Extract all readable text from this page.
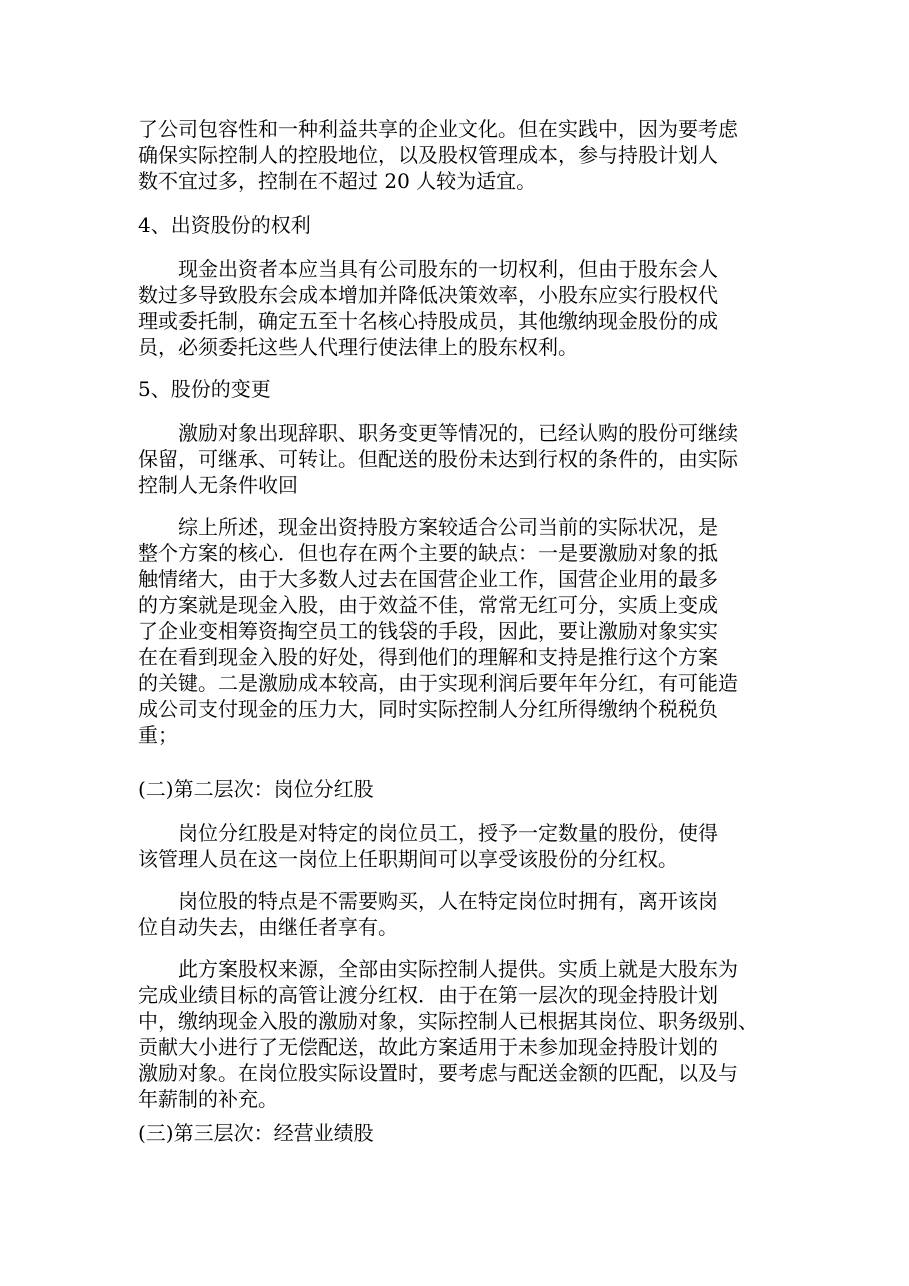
了公司包容性和一种利益共享的企业文化。但在实践中，因为要考虑
确保实际控制人的控股地位，以及股权管理成本，参与持股计划人
数不宜过多，控制在不超过 20 人较为适宜。
4、出资股份的权利
　　现金出资者本应当具有公司股东的一切权利，但由于股东会人
数过多导致股东会成本增加并降低决策效率，小股东应实行股权代
理或委托制，确定五至十名核心持股成员，其他缴纳现金股份的成
员，必须委托这些人代理行使法律上的股东权利。
5、股份的变更
　　激励对象出现辞职、职务变更等情况的，已经认购的股份可继续
保留，可继承、可转让。但配送的股份未达到行权的条件的，由实际
控制人无条件收回
　　综上所述，现金出资持股方案较适合公司当前的实际状况，是
整个方案的核心．但也存在两个主要的缺点：一是要激励对象的抵
触情绪大，由于大多数人过去在国营企业工作，国营企业用的最多
的方案就是现金入股，由于效益不佳，常常无红可分，实质上变成
了企业变相筹资掏空员工的钱袋的手段，因此，要让激励对象实实
在在看到现金入股的好处，得到他们的理解和支持是推行这个方案
的关键。二是激励成本较高，由于实现利润后要年年分红，有可能造
成公司支付现金的压力大，同时实际控制人分红所得缴纳个税税负
重；
(二)第二层次：岗位分红股
　　岗位分红股是对特定的岗位员工，授予一定数量的股份，使得
该管理人员在这一岗位上任职期间可以享受该股份的分红权。
　　岗位股的特点是不需要购买，人在特定岗位时拥有，离开该岗
位自动失去，由继任者享有。
　　此方案股权来源，全部由实际控制人提供。实质上就是大股东为
完成业绩目标的高管让渡分红权．由于在第一层次的现金持股计划
中，缴纳现金入股的激励对象，实际控制人已根据其岗位、职务级别、
贡献大小进行了无偿配送，故此方案适用于未参加现金持股计划的
激励对象。在岗位股实际设置时，要考虑与配送金额的匹配，以及与
年薪制的补充。
(三)第三层次：经营业绩股
